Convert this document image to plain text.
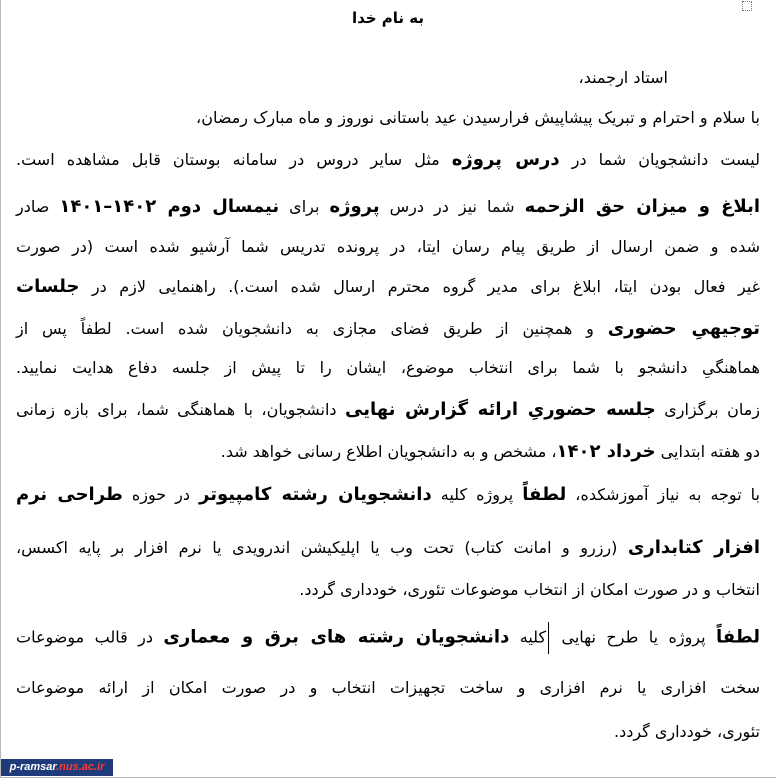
به نام خدا
استاد ارجمند،
با سلام و احترام و تبریک پیشاپیش فرارسیدن عید باستانی نوروز و ماه مبارک رمضان،
لیست دانشجویان شما در درس پروژه مثل سایر دروس در سامانه بوستان قابل مشاهده است.
ابلاغ و میزان حق الزحمه شما نیز در درس پروژه برای نیمسال دوم ۱۴۰۲–۱۴۰۱ صادر
شده و ضمن ارسال از طریق پیام رسان ایتا، در پرونده تدریس شما آرشیو شده است (در صورت
غیر فعال بودن ایتا، ابلاغ برای مدیر گروه محترم ارسال شده است.). راهنمایی لازم در جلسات
توجیهیِ حضوری و همچنین از طریق فضای مجازی به دانشجویان شده است. لطفاً پس از
هماهنگیِ دانشجو با شما برای انتخاب موضوع، ایشان را تا پیش از جلسه دفاع هدایت نمایید.
زمان برگزاری جلسه حضوریِ ارائه گزارش نهایی دانشجویان، با هماهنگی شما، برای بازه زمانی
دو هفته ابتدایی خرداد ۱۴۰۲، مشخص و به دانشجویان اطلاع رسانی خواهد شد.
با توجه به نیاز آموزشکده، لطفاً پروژه کلیه دانشجویان رشته کامپیوتر در حوزه طراحی نرم
افزار کتابداری (رزرو و امانت کتاب) تحت وب یا اپلیکیشن اندرویدی یا نرم افزار بر پایه اکسس،
انتخاب و در صورت امکان از انتخاب موضوعات تئوری، خودداری گردد.
لطفاً پروژه یا طرح نهایی کلیه دانشجویان رشته های برق و معماری در قالب موضوعات
سخت افزاری یا نرم افزاری و ساخت تجهیزات انتخاب و در صورت امکان از ارائه موضوعات
تئوری، خودداری گردد.
p-ramsar.nus.ac.ir
